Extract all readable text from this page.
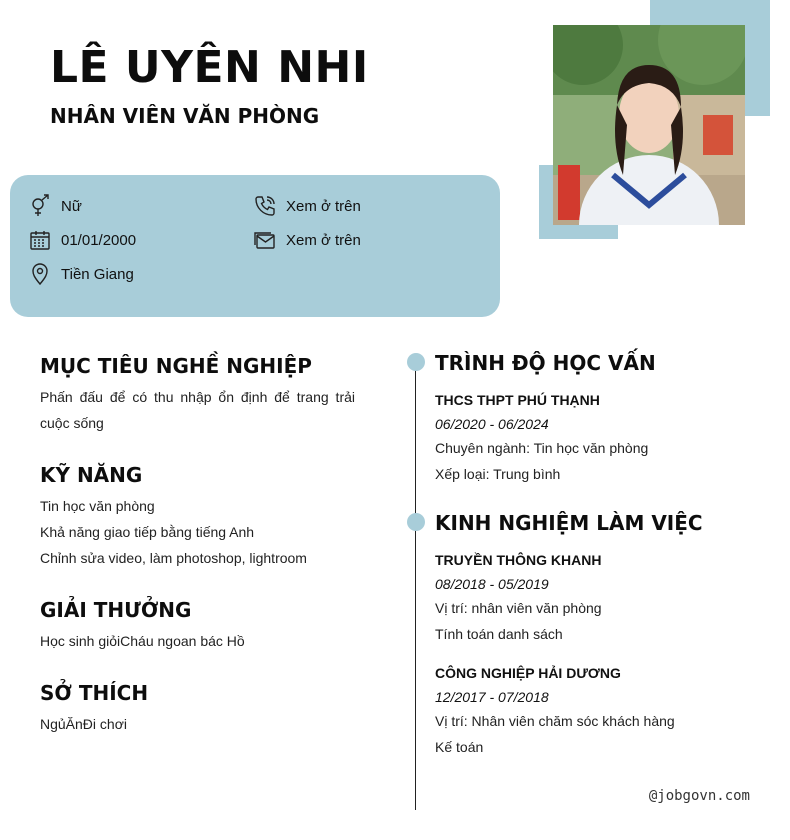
LÊ UYÊN NHI
NHÂN VIÊN VĂN PHÒNG
Nữ
01/01/2000
Tiền Giang
Xem ở trên
Xem ở trên
MỤC TIÊU NGHỀ NGHIỆP
Phấn đấu để có thu nhập ổn định để trang trải cuộc sống
KỸ NĂNG
Tin học văn phòng
Khả năng giao tiếp bằng tiếng Anh
Chỉnh sửa video, làm photoshop, lightroom
GIẢI THƯỞNG
Học sinh giỏiCháu ngoan bác Hồ
SỞ THÍCH
NgủĂnĐi chơi
TRÌNH ĐỘ HỌC VẤN
THCS THPT PHÚ THẠNH
06/2020 - 06/2024
Chuyên ngành: Tin học văn phòng
Xếp loại: Trung bình
KINH NGHIỆM LÀM VIỆC
TRUYỀN THÔNG KHANH
08/2018 - 05/2019
Vị trí: nhân viên văn phòng
Tính toán danh sách
CÔNG NGHIỆP HẢI DƯƠNG
12/2017 - 07/2018
Vị trí: Nhân viên chăm sóc khách hàng
Kế toán
@jobgovn.com
